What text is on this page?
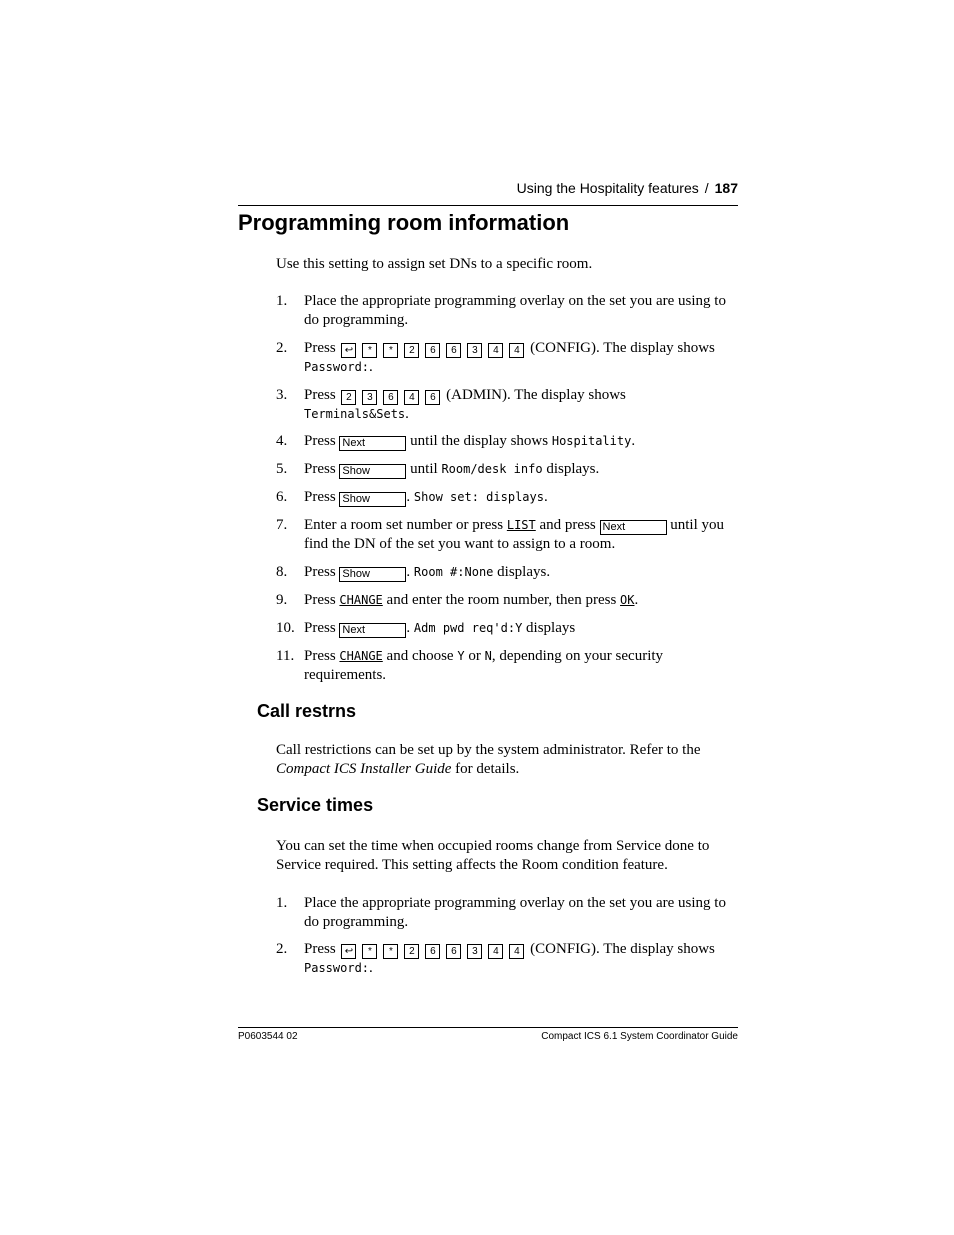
Using the Hospitality features / 187
Programming room information

Use this setting to assign set DNs to a specific room.

1. Place the appropriate programming overlay on the set you are using to do programming.
2. Press ↩ * * 2 6 6 3 4 4 (CONFIG). The display shows
Password:.
3. Press 2 3 6 4 6 (ADMIN). The display shows
Terminals&Sets.
4. Press Next	until the display shows Hospitality.
5. Press Show	until Room/desk info displays.
6. Press Show . Show set: displays.
7. Enter a room set number or press LIST and press Next	until you find the DN of the set you want to assign to a room.
8. Press Show . Room #:None displays.
9. Press CHANGE and enter the room number, then press OK.
10. Press Next	. Adm pwd req'd:Y displays
11. Press CHANGE and choose Y or N, depending on your security requirements.
Call restrns

Call restrictions can be set up by the system administrator. Refer to the Compact ICS Installer Guide for details.

Service times

You can set the time when occupied rooms change from Service done to Service required. This setting affects the Room condition feature.

1. Place the appropriate programming overlay on the set you are using to do programming.
2. Press ↩ * * 2 6 6 3 4 4 (CONFIG). The display shows
Password:.
P0603544 02	Compact ICS 6.1 System Coordinator Guide
